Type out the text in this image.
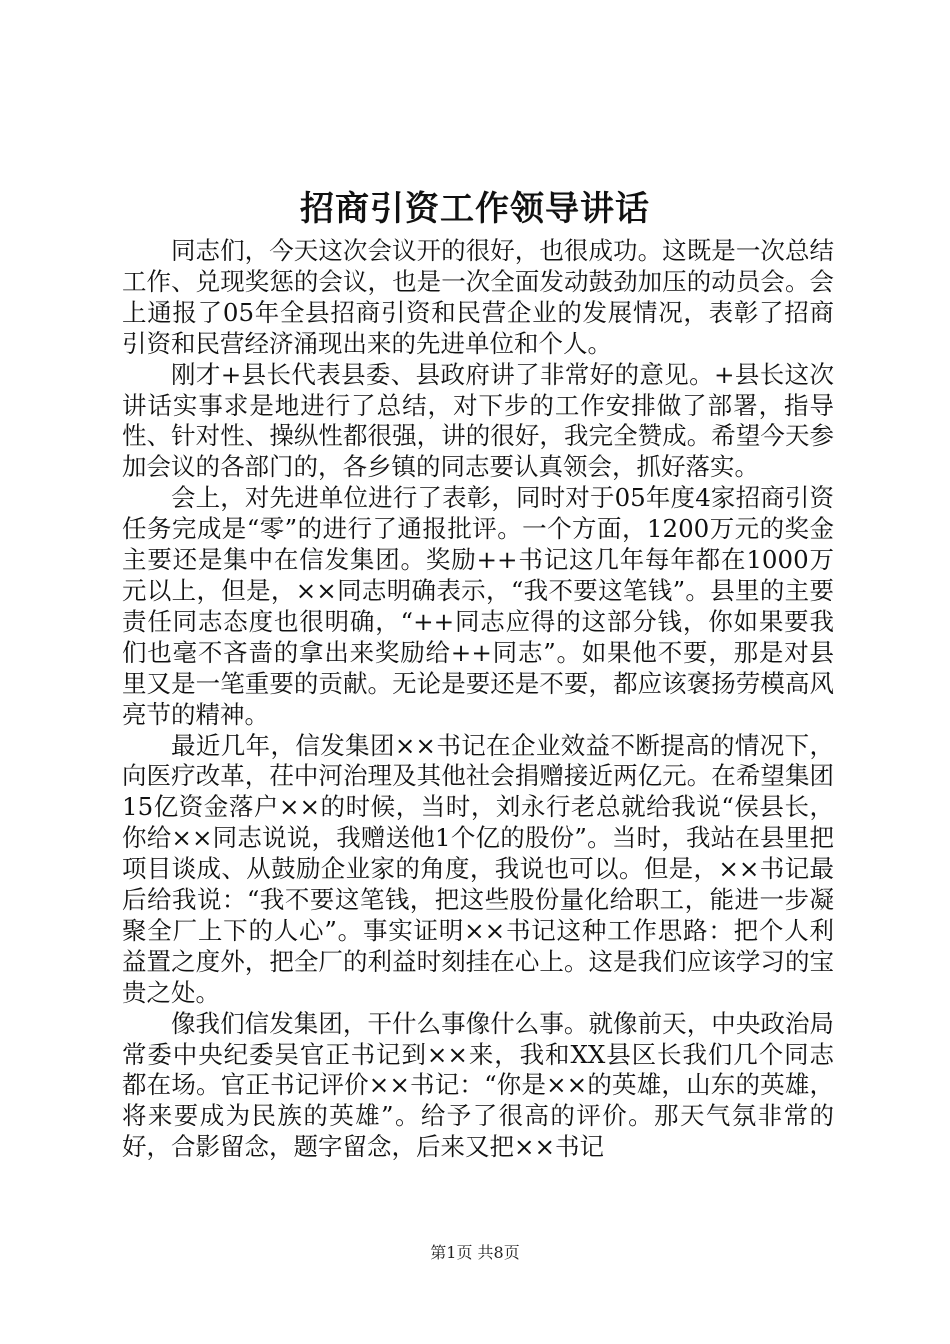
招商引资工作领导讲话

同志们，今天这次会议开的很好，也很成功。这既是一次总结工作、兑现奖惩的会议，也是一次全面发动鼓劲加压的动员会。会上通报了05年全县招商引资和民营企业的发展情况，表彰了招商引资和民营经济涌现出来的先进单位和个人。

刚才+县长代表县委、县政府讲了非常好的意见。+县长这次讲话实事求是地进行了总结，对下步的工作安排做了部署，指导性、针对性、操纵性都很强，讲的很好，我完全赞成。希望今天参加会议的各部门的，各乡镇的同志要认真领会，抓好落实。

会上，对先进单位进行了表彰，同时对于05年度4家招商引资任务完成是“零”的进行了通报批评。一个方面，1200万元的奖金主要还是集中在信发集团。奖励++书记这几年每年都在1000万元以上，但是，××同志明确表示，“我不要这笔钱”。县里的主要责任同志态度也很明确，“++同志应得的这部分钱，你如果要我们也毫不吝啬的拿出来奖励给++同志”。如果他不要，那是对县里又是一笔重要的贡献。无论是要还是不要，都应该褒扬劳模高风亮节的精神。

最近几年，信发集团××书记在企业效益不断提高的情况下，向医疗改革，茌中河治理及其他社会捐赠接近两亿元。在希望集团15亿资金落户××的时候，当时，刘永行老总就给我说“侯县长，你给××同志说说，我赠送他1个亿的股份”。当时，我站在县里把项目谈成、从鼓励企业家的角度，我说也可以。但是，××书记最后给我说：“我不要这笔钱，把这些股份量化给职工，能进一步凝聚全厂上下的人心”。事实证明××书记这种工作思路：把个人利益置之度外，把全厂的利益时刻挂在心上。这是我们应该学习的宝贵之处。

像我们信发集团，干什么事像什么事。就像前天，中央政治局常委中央纪委吴官正书记到××来，我和XX县区长我们几个同志都在场。官正书记评价××书记：“你是××的英雄，山东的英雄，将来要成为民族的英雄”。给予了很高的评价。那天气氛非常的好，合影留念，题字留念，后来又把××书记

第1页 共8页
